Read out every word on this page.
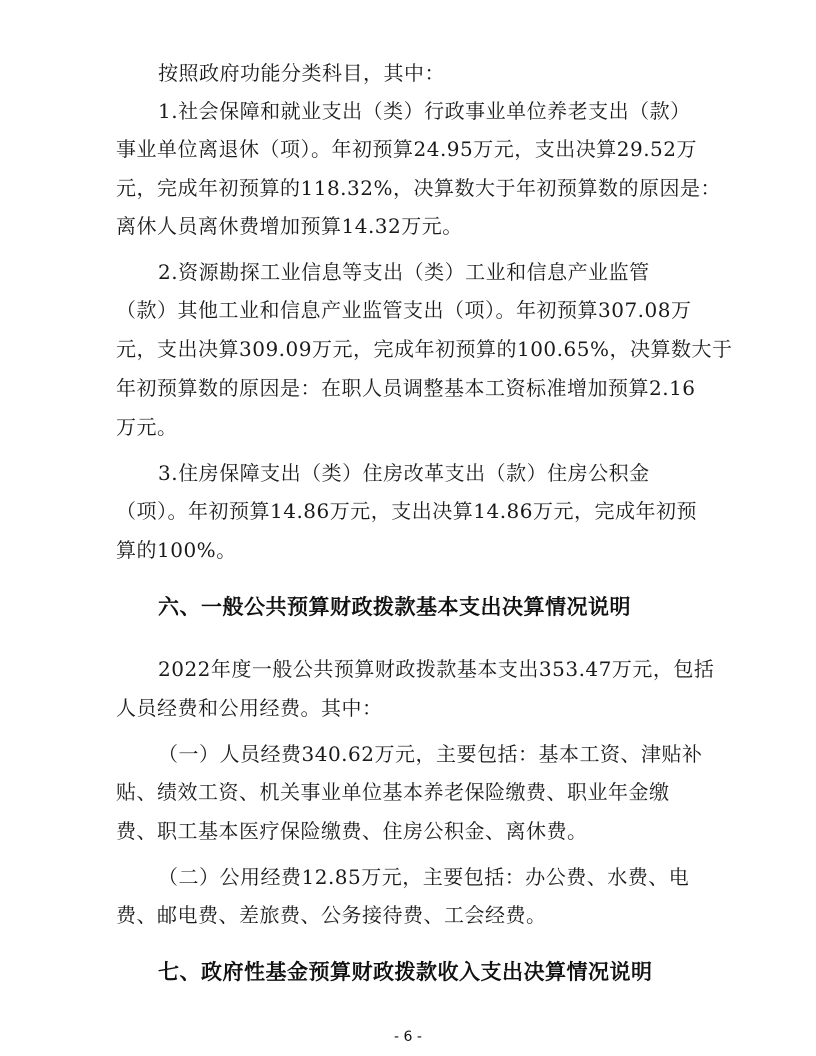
按照政府功能分类科目，其中：
1.社会保障和就业支出（类）行政事业单位养老支出（款）
事业单位离退休（项）。年初预算24.95万元，支出决算29.52万
元，完成年初预算的118.32%，决算数大于年初预算数的原因是：
离休人员离休费增加预算14.32万元。
2.资源勘探工业信息等支出（类）工业和信息产业监管
（款）其他工业和信息产业监管支出（项）。年初预算307.08万
元，支出决算309.09万元，完成年初预算的100.65%，决算数大于
年初预算数的原因是：在职人员调整基本工资标准增加预算2.16
万元。
3.住房保障支出（类）住房改革支出（款）住房公积金
（项）。年初预算14.86万元，支出决算14.86万元，完成年初预
算的100%。
六、一般公共预算财政拨款基本支出决算情况说明
2022年度一般公共预算财政拨款基本支出353.47万元，包括
人员经费和公用经费。其中：
（一）人员经费340.62万元，主要包括：基本工资、津贴补
贴、绩效工资、机关事业单位基本养老保险缴费、职业年金缴
费、职工基本医疗保险缴费、住房公积金、离休费。
（二）公用经费12.85万元，主要包括：办公费、水费、电
费、邮电费、差旅费、公务接待费、工会经费。
七、政府性基金预算财政拨款收入支出决算情况说明
- 6 -
